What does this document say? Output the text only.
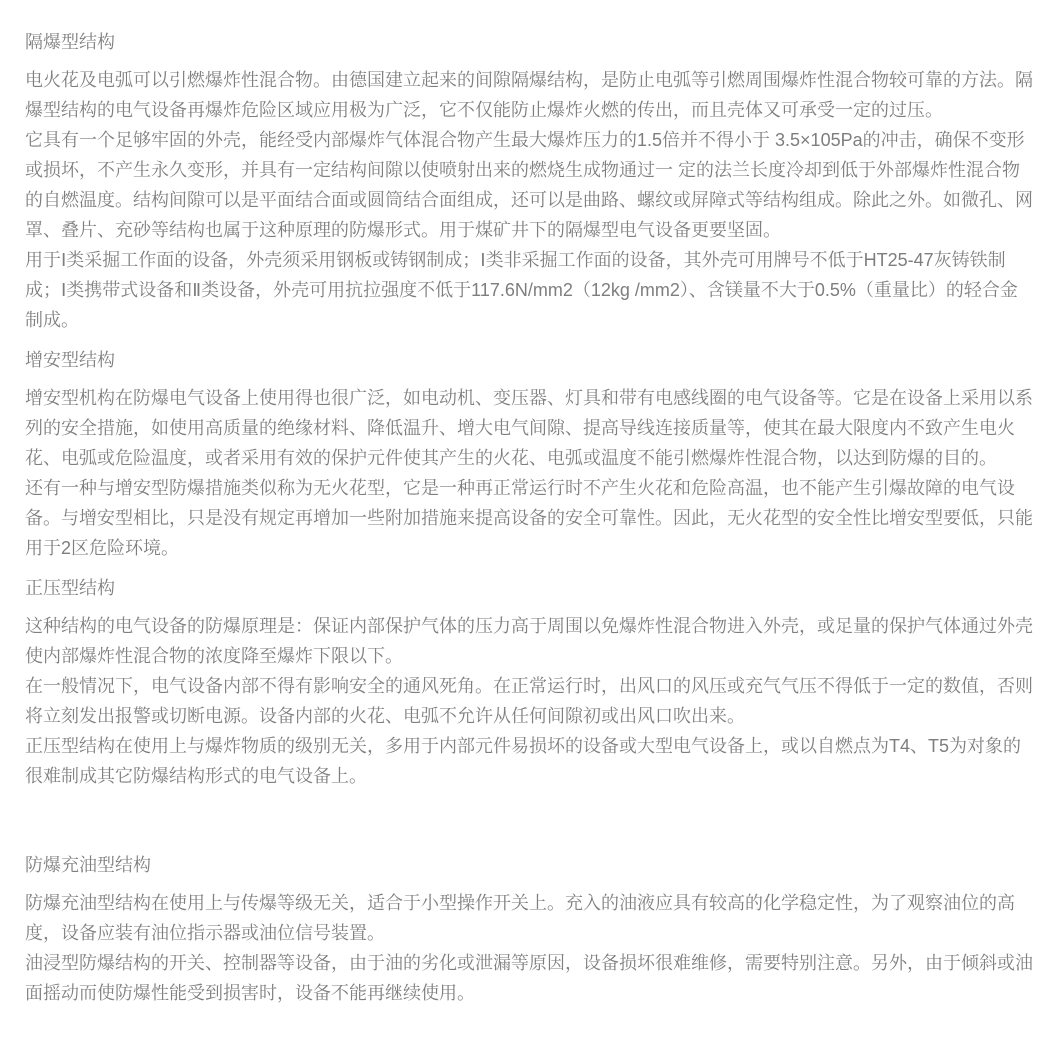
隔爆型结构

电火花及电弧可以引燃爆炸性混合物。由德国建立起来的间隙隔爆结构，是防止电弧等引燃周围爆炸性混合物较可靠的方法。隔爆型结构的电气设备再爆炸危险区域应用极为广泛，它不仅能防止爆炸火燃的传出，而且壳体又可承受一定的过压。

它具有一个足够牢固的外壳，能经受内部爆炸气体混合物产生最大爆炸压力的1.5倍并不得小于 3.5×105Pa的冲击，确保不变形或损坏，不产生永久变形，并具有一定结构间隙以使喷射出来的燃烧生成物通过一 定的法兰长度冷却到低于外部爆炸性混合物的自燃温度。结构间隙可以是平面结合面或圆筒结合面组成，还可以是曲路、螺纹或屏障式等结构组成。除此之外。如微孔、网罩、叠片、充砂等结构也属于这种原理的防爆形式。用于煤矿井下的隔爆型电气设备更要坚固。

用于Ⅰ类采掘工作面的设备，外壳须采用钢板或铸钢制成；Ⅰ类非采掘工作面的设备，其外壳可用牌号不低于HT25-47灰铸铁制成；Ⅰ类携带式设备和Ⅱ类设备，外壳可用抗拉强度不低于117.6N/mm2（12kg /mm2）、含镁量不大于0.5%（重量比）的轻合金制成。

增安型结构

增安型机构在防爆电气设备上使用得也很广泛，如电动机、变压器、灯具和带有电感线圈的电气设备等。它是在设备上采用以系列的安全措施，如使用高质量的绝缘材料、降低温升、增大电气间隙、提高导线连接质量等，使其在最大限度内不致产生电火花、电弧或危险温度，或者采用有效的保护元件使其产生的火花、电弧或温度不能引燃爆炸性混合物，以达到防爆的目的。

还有一种与增安型防爆措施类似称为无火花型，它是一种再正常运行时不产生火花和危险高温，也不能产生引爆故障的电气设备。与增安型相比，只是没有规定再增加一些附加措施来提高设备的安全可靠性。因此，无火花型的安全性比增安型要低，只能用于2区危险环境。

正压型结构

这种结构的电气设备的防爆原理是：保证内部保护气体的压力高于周围以免爆炸性混合物进入外壳，或足量的保护气体通过外壳使内部爆炸性混合物的浓度降至爆炸下限以下。

在一般情况下，电气设备内部不得有影响安全的通风死角。在正常运行时，出风口的风压或充气气压不得低于一定的数值，否则将立刻发出报警或切断电源。设备内部的火花、电弧不允许从任何间隙初或出风口吹出来。

正压型结构在使用上与爆炸物质的级别无关，多用于内部元件易损坏的设备或大型电气设备上，或以自燃点为T4、T5为对象的很难制成其它防爆结构形式的电气设备上。

防爆充油型结构

防爆充油型结构在使用上与传爆等级无关，适合于小型操作开关上。充入的油液应具有较高的化学稳定性，为了观察油位的高度，设备应装有油位指示器或油位信号装置。

油浸型防爆结构的开关、控制器等设备，由于油的劣化或泄漏等原因，设备损坏很难维修，需要特别注意。另外，由于倾斜或油面摇动而使防爆性能受到损害时，设备不能再继续使用。
